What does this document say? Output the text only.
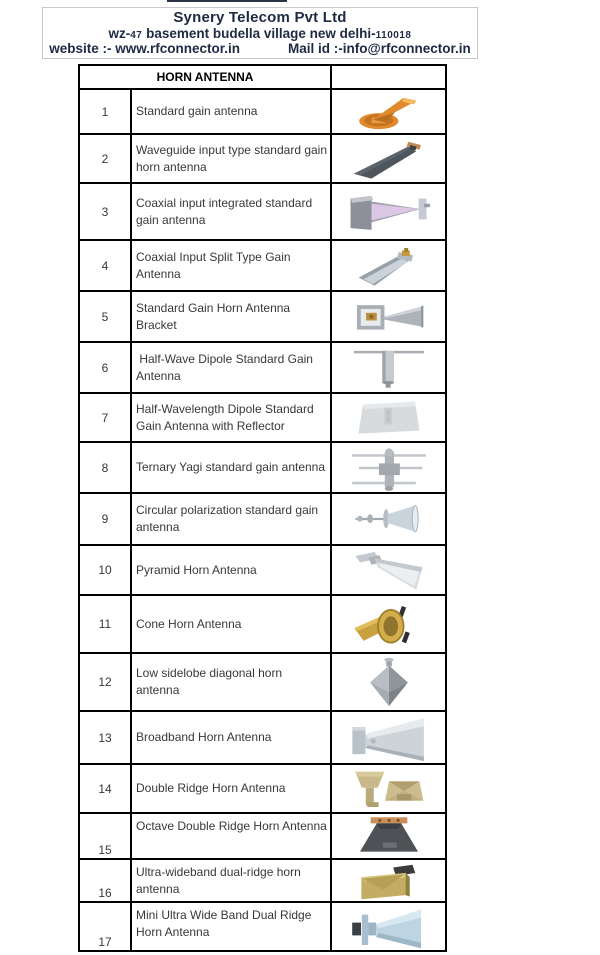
Synery Telecom Pvt Ltd
wz-47 basement budella village new delhi-110018
website :- www.rfconnector.in	Mail id :-info@rfconnector.in
HORN ANTENNA		
1	Standard gain antenna	

2	Waveguide input type standard gain horn antenna	

3	Coaxial input integrated standard gain antenna	

4	Coaxial Input Split Type Gain Antenna	

5	Standard Gain Horn Antenna Bracket	

6	Half-Wave Dipole Standard Gain Antenna	

7	Half-Wavelength Dipole Standard Gain Antenna with Reflector	

8	Ternary Yagi standard gain antenna	

9	Circular polarization standard gain antenna	

10	Pyramid Horn Antenna	

11	Cone Horn Antenna	

12	Low sidelobe diagonal horn antenna	

13	Broadband Horn Antenna	

14	Double Ridge Horn Antenna	

15	Octave Double Ridge Horn Antenna	

16	Ultra-wideband dual-ridge horn antenna	

17	Mini Ultra Wide Band Dual Ridge Horn Antenna	
